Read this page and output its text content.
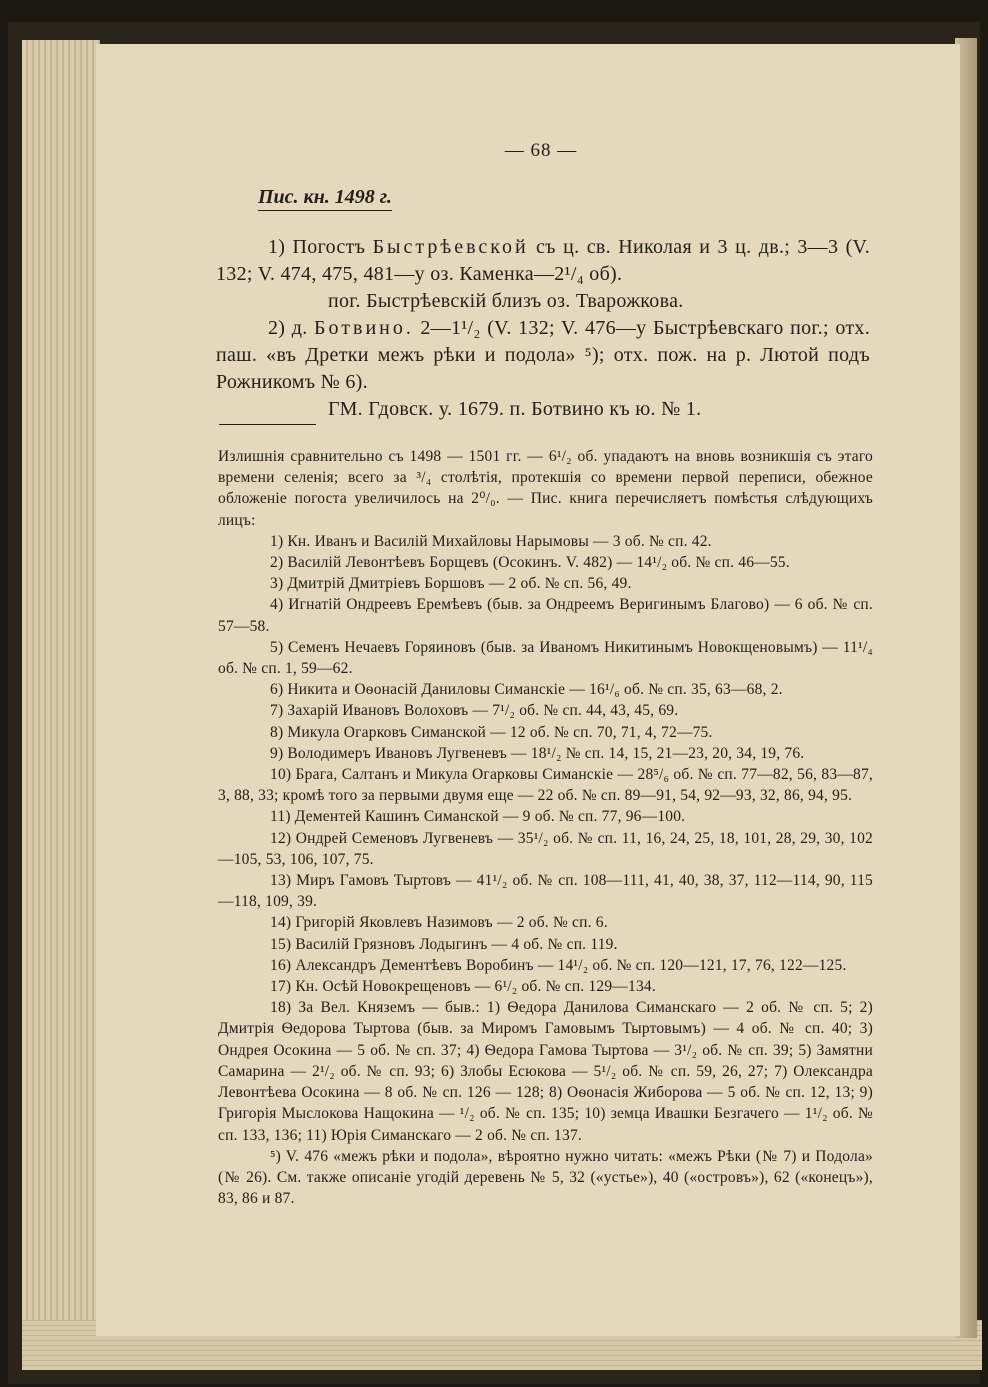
— 68 —
Пис. кн. 1498 г.

1) Погостъ Быстрѣевской съ ц. св. Николая и 3 ц. дв.; 3—3 (V. 132; V. 474, 475, 481—у оз. Каменка—2¹/₄ об).

пог. Быстрѣевскій близъ оз. Тварожкова.

2) д. Ботвино. 2—1¹/₂ (V. 132; V. 476—у Быстрѣевскаго пог.; отх. паш. «въ Дретки межъ рѣки и подола» ⁵); отх. пож. на р. Лютой подъ Рожникомъ № 6).

ГМ. Гдовск. у. 1679. п. Ботвино къ ю. № 1.

Излишнія сравнительно съ 1498 — 1501 гг. — 6¹/₂ об. упадаютъ на вновь возникшія съ этаго времени селенія; всего за ³/₄ столѣтія, протекшія со времени первой переписи, обежное обложеніе погоста увеличилось на 2⁰/₀. — Пис. книга перечисляетъ помѣстья слѣдующихъ лицъ:

1) Кн. Иванъ и Василій Михайловы Нарымовы — 3 об. № сп. 42.

2) Василій Левонтѣевъ Борщевъ (Осокинъ. V. 482) — 14¹/₂ об. № сп. 46—55.

3) Дмитрій Дмитріевъ Боршовъ — 2 об. № сп. 56, 49.

4) Игнатій Ондреевъ Еремѣевъ (быв. за Ондреемъ Веригинымъ Благово) — 6 об. № сп. 57—58.

5) Семенъ Нечаевъ Горяиновъ (быв. за Иваномъ Никитинымъ Новокщеновымъ) — 11¹/₄ об. № сп. 1, 59—62.

6) Никита и Оѳонасій Даниловы Симанскіе — 16¹/₆ об. № сп. 35, 63—68, 2.

7) Захарій Ивановъ Волоховъ — 7¹/₂ об. № сп. 44, 43, 45, 69.

8) Микула Огарковъ Симанской — 12 об. № сп. 70, 71, 4, 72—75.

9) Володимеръ Ивановъ Лугвеневъ — 18¹/₂ № сп. 14, 15, 21—23, 20, 34, 19, 76.

10) Брага, Салтанъ и Микула Огарковы Симанскіе — 28⁵/₆ об. № сп. 77—82, 56, 83—87, 3, 88, 33; кромѣ того за первыми двумя еще — 22 об. № сп. 89—91, 54, 92—93, 32, 86, 94, 95.

11) Дементей Кашинъ Симанской — 9 об. № сп. 77, 96—100.

12) Ондрей Семеновъ Лугвеневъ — 35¹/₂ об. № сп. 11, 16, 24, 25, 18, 101, 28, 29, 30, 102—105, 53, 106, 107, 75.

13) Миръ Гамовъ Тыртовъ — 41¹/₂ об. № сп. 108—111, 41, 40, 38, 37, 112—114, 90, 115—118, 109, 39.

14) Григорій Яковлевъ Назимовъ — 2 об. № сп. 6.

15) Василій Грязновъ Лодыгинъ — 4 об. № сп. 119.

16) Александръ Дементѣевъ Воробинъ — 14¹/₂ об. № сп. 120—121, 17, 76, 122—125.

17) Кн. Осѣй Новокрещеновъ — 6¹/₂ об. № сп. 129—134.

18) За Вел. Княземъ — быв.: 1) Ѳедора Данилова Симанскаго — 2 об. № сп. 5; 2) Дмитрія Ѳедорова Тыртова (быв. за Миромъ Гамовымъ Тыртовымъ) — 4 об. № сп. 40; 3) Ондрея Осокина — 5 об. № сп. 37; 4) Ѳедора Гамова Тыртова — 3¹/₂ об. № сп. 39; 5) Замятни Самарина — 2¹/₂ об. № сп. 93; 6) Злобы Есюкова — 5¹/₂ об. № сп. 59, 26, 27; 7) Олександра Левонтѣева Осокина — 8 об. № сп. 126 — 128; 8) Оѳонасія Жиборова — 5 об. № сп. 12, 13; 9) Григорія Мыслокова Нащокина — ¹/₂ об. № сп. 135; 10) земца Ивашки Безгачего — 1¹/₂ об. № сп. 133, 136; 11) Юрія Симанскаго — 2 об. № сп. 137.

⁵) V. 476 «межъ рѣки и подола», вѣроятно нужно читать: «межъ Рѣки (№ 7) и Подола» (№ 26). См. также описаніе угодій деревень № 5, 32 («устье»), 40 («островъ»), 62 («конецъ»), 83, 86 и 87.
